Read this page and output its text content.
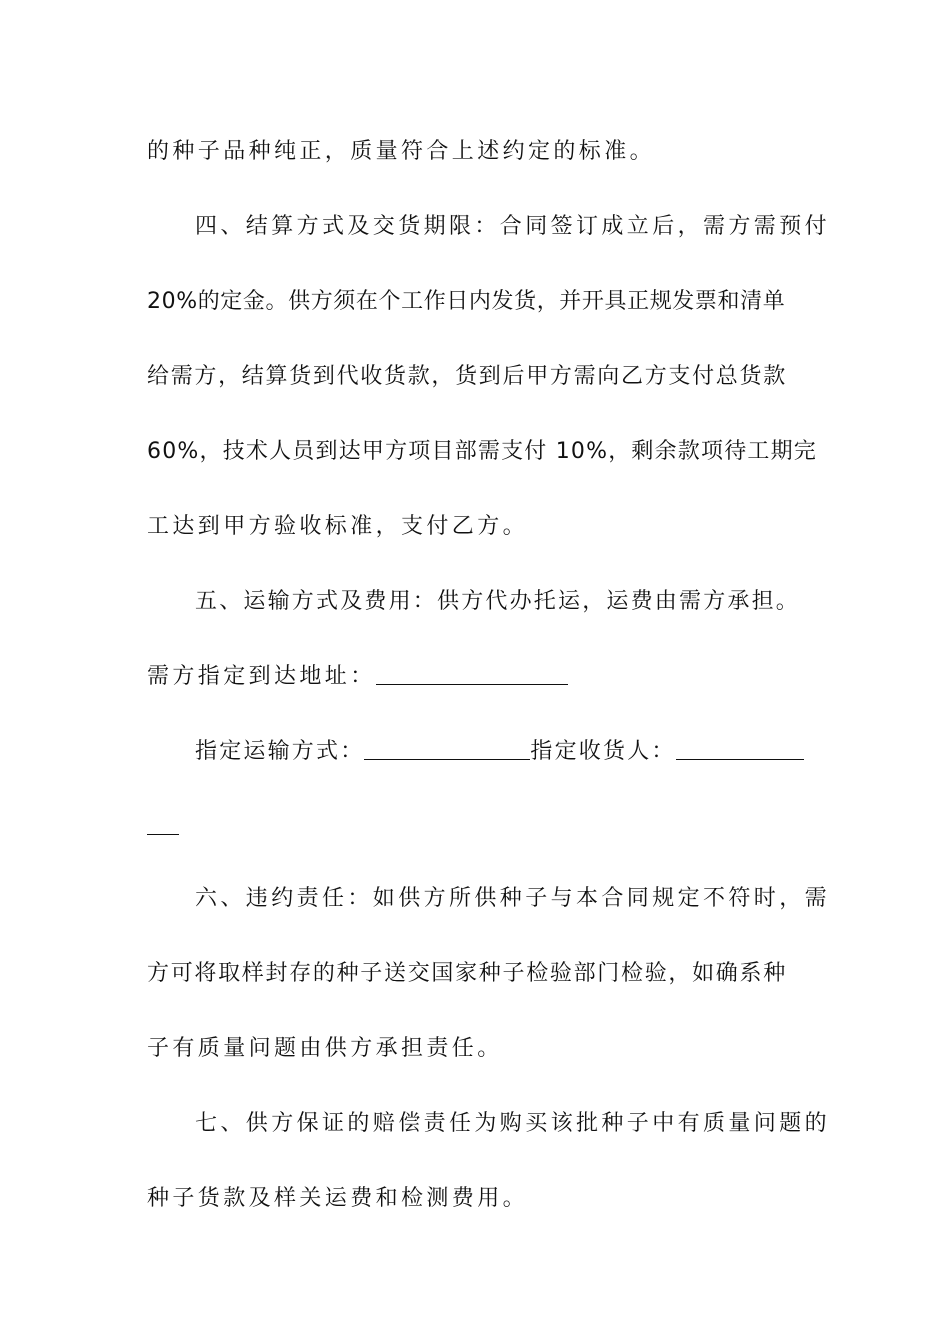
的种子品种纯正，质量符合上述约定的标准。
四、结算方式及交货期限：合同签订成立后，需方需预付
20%的定金。供方须在个工作日内发货，并开具正规发票和清单
给需方，结算货到代收货款，货到后甲方需向乙方支付总货款
60%，技术人员到达甲方项目部需支付 10%，剩余款项待工期完
工达到甲方验收标准，支付乙方。
五、运输方式及费用：供方代办托运，运费由需方承担。
需方指定到达地址：
指定运输方式：	指定收货人：
六、违约责任：如供方所供种子与本合同规定不符时，需
方可将取样封存的种子送交国家种子检验部门检验，如确系种
子有质量问题由供方承担责任。
七、供方保证的赔偿责任为购买该批种子中有质量问题的
种子货款及样关运费和检测费用。
